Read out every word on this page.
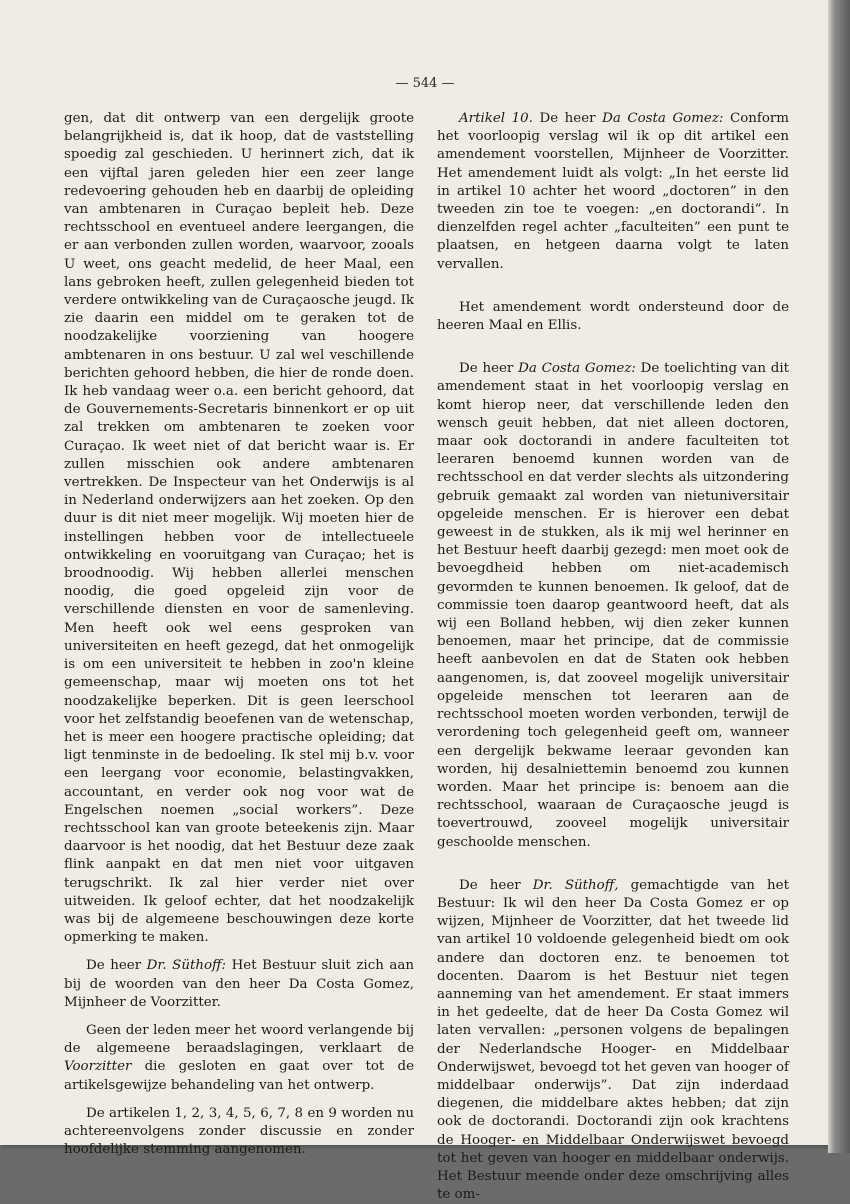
— 544 —

gen, dat dit ontwerp van een dergelijk groote belangrijkheid is, dat ik hoop, dat de vaststelling spoedig zal geschieden. U herinnert zich, dat ik een vijftal jaren geleden hier een zeer lange redevoering gehouden heb en daarbij de opleiding van ambtenaren in Curaçao bepleit heb. Deze rechtsschool en eventueel andere leergangen, die er aan verbonden zullen worden, waarvoor, zooals U weet, ons geacht medelid, de heer Maal, een lans gebroken heeft, zullen gelegenheid bieden tot verdere ontwikkeling van de Curaçaosche jeugd. Ik zie daarin een middel om te geraken tot de noodzakelijke voorziening van hoogere ambtenaren in ons bestuur. U zal wel veschillende berichten gehoord hebben, die hier de ronde doen. Ik heb vandaag weer o.a. een bericht gehoord, dat de Gouvernements-Secretaris binnenkort er op uit zal trekken om ambtenaren te zoeken voor Curaçao. Ik weet niet of dat bericht waar is. Er zullen misschien ook andere ambtenaren vertrekken. De Inspecteur van het Onderwijs is al in Nederland onderwijzers aan het zoeken. Op den duur is dit niet meer mogelijk. Wij moeten hier de instellingen hebben voor de intellectueele ontwikkeling en vooruitgang van Curaçao; het is broodnoodig. Wij hebben allerlei menschen noodig, die goed opgeleid zijn voor de verschillende diensten en voor de samenleving. Men heeft ook wel eens gesproken van universiteiten en heeft gezegd, dat het onmogelijk is om een universiteit te hebben in zoo'n kleine gemeenschap, maar wij moeten ons tot het noodzakelijke beperken. Dit is geen leerschool voor het zelfstandig beoefenen van de wetenschap, het is meer een hoogere practische opleiding; dat ligt tenminste in de bedoeling. Ik stel mij b.v. voor een leergang voor economie, belastingvakken, accountant, en verder ook nog voor wat de Engelschen noemen „social workers”. Deze rechtsschool kan van groote beteekenis zijn. Maar daarvoor is het noodig, dat het Bestuur deze zaak flink aanpakt en dat men niet voor uitgaven terugschrikt. Ik zal hier verder niet over uitweiden. Ik geloof echter, dat het noodzakelijk was bij de algemeene beschouwingen deze korte opmerking te maken.

De heer Dr. Süthoff: Het Bestuur sluit zich aan bij de woorden van den heer Da Costa Gomez, Mijnheer de Voorzitter.

Geen der leden meer het woord verlangende bij de algemeene beraadslagingen, verklaart de Voorzitter die gesloten en gaat over tot de artikelsgewijze behandeling van het ontwerp.

De artikelen 1, 2, 3, 4, 5, 6, 7, 8 en 9 worden nu achtereenvolgens zonder discussie en zonder hoofdelijke stemming aangenomen.

Artikel 10. De heer Da Costa Gomez: Conform het voorloopig verslag wil ik op dit artikel een amendement voorstellen, Mijnheer de Voorzitter. Het amendement luidt als volgt: „In het eerste lid in artikel 10 achter het woord „doctoren” in den tweeden zin toe te voegen: „en doctorandi”. In dienzelfden regel achter „faculteiten” een punt te plaatsen, en hetgeen daarna volgt te laten vervallen.

Het amendement wordt ondersteund door de heeren Maal en Ellis.

De heer Da Costa Gomez: De toelichting van dit amendement staat in het voorloopig verslag en komt hierop neer, dat verschillende leden den wensch geuit hebben, dat niet alleen doctoren, maar ook doctorandi in andere faculteiten tot leeraren benoemd kunnen worden van de rechtsschool en dat verder slechts als uitzondering gebruik gemaakt zal worden van nietuniversitair opgeleide menschen. Er is hierover een debat geweest in de stukken, als ik mij wel herinner en het Bestuur heeft daarbij gezegd: men moet ook de bevoegdheid hebben om niet-academisch gevormden te kunnen benoemen. Ik geloof, dat de commissie toen daarop geantwoord heeft, dat als wij een Bolland hebben, wij dien zeker kunnen benoemen, maar het principe, dat de commissie heeft aanbevolen en dat de Staten ook hebben aangenomen, is, dat zooveel mogelijk universitair opgeleide menschen tot leeraren aan de rechtsschool moeten worden verbonden, terwijl de verordening toch gelegenheid geeft om, wanneer een dergelijk bekwame leeraar gevonden kan worden, hij desalniettemin benoemd zou kunnen worden. Maar het principe is: benoem aan die rechtsschool, waaraan de Curaçaosche jeugd is toevertrouwd, zooveel mogelijk universitair geschoolde menschen.

De heer Dr. Süthoff, gemachtigde van het Bestuur: Ik wil den heer Da Costa Gomez er op wijzen, Mijnheer de Voorzitter, dat het tweede lid van artikel 10 voldoende gelegenheid biedt om ook andere dan doctoren enz. te benoemen tot docenten. Daarom is het Bestuur niet tegen aanneming van het amendement. Er staat immers in het gedeelte, dat de heer Da Costa Gomez wil laten vervallen: „personen volgens de bepalingen der Nederlandsche Hooger- en Middelbaar Onderwijswet, bevoegd tot het geven van hooger of middelbaar onderwijs”. Dat zijn inderdaad diegenen, die middelbare aktes hebben; dat zijn ook de doctorandi. Doctorandi zijn ook krachtens de Hooger- en Middelbaar Onderwijswet bevoegd tot het geven van hooger en middelbaar onderwijs. Het Bestuur meende onder deze omschrijving alles te om-
